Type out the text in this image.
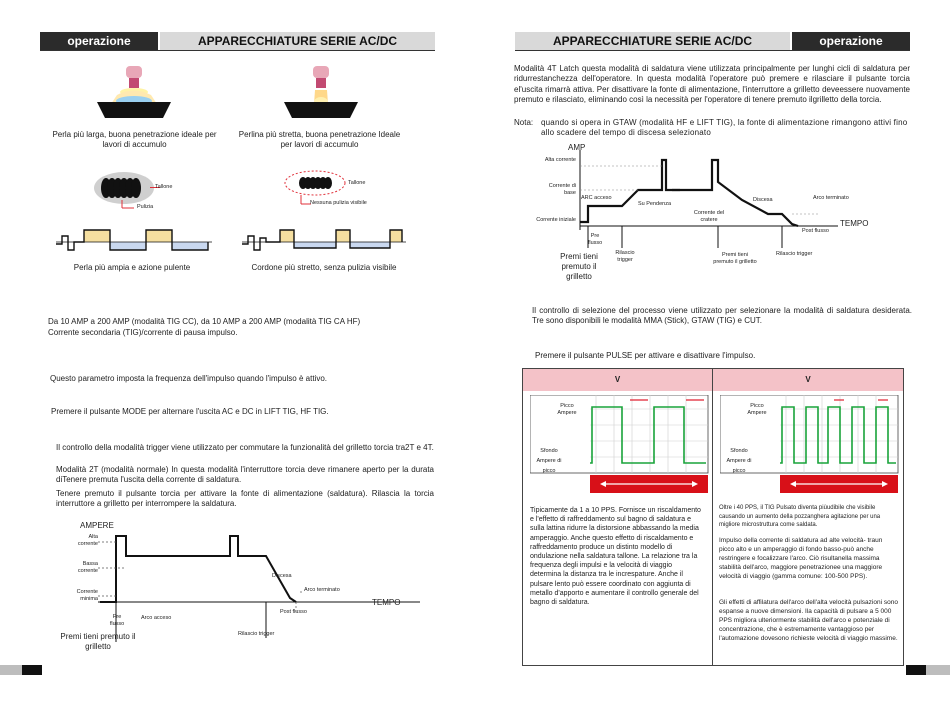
operazione	APPARECCHIATURE SERIE AC/DC
Perla più larga, buona penetrazione ideale per lavori di accumulo
Perlina più stretta, buona penetrazione Ideale per lavori di accumulo
Tallone
Pulizia
Tallone
Nessuna pulizia visibile
Perla più ampia e azione pulente	Cordone più stretto, senza pulizia visibile
Da 10 AMP a 200 AMP (modalità TIG CC), da 10 AMP a 200 AMP (modalità TIG CA HF)
Corrente secondaria (TIG)/corrente di pausa impulso.
Questo parametro imposta la frequenza dell'impulso quando l'impulso è attivo.
Premere il pulsante MODE per alternare l'uscita AC e DC in LIFT TIG, HF TIG.
Il controllo della modalità trigger viene utilizzato per commutare la funzionalità del grilletto torcia tra2T e 4T.
Modalità 2T (modalità normale) In questa modalità l'interruttore torcia deve rimanere aperto per la durata diTenere premuta l'uscita della corrente di saldatura.
Tenere premuto il pulsante torcia per attivare la fonte di alimentazione (saldatura). Rilascia la torcia interruttore a grilletto per interrompere la saldatura.
AMPERE
TEMPO
Alta corrente
Bassa corrente
Corrente minima
Pre flusso
Arco acceso
Discesa
Arco terminato
Post flusso
Rilascio trigger
Premi tieni premuto il grilletto
APPARECCHIATURE SERIE AC/DC	operazione
Modalità 4T Latch questa modalità di saldatura viene utilizzata principalmente per lunghi cicli di saldatura per ridurrestanchezza dell'operatore. In questa modalità l'operatore può premere e rilasciare il pulsante torcia el'uscita rimarrà attiva. Per disattivare la fonte di alimentazione, l'interruttore a grilletto deveessere nuovamente premuto e rilasciato, eliminando così la necessità per l'operatore di tenere premuto ilgrilletto della torcia.
Nota: quando si opera in GTAW (modalità HF e LIFT TIG), la fonte di alimentazione rimangono attivi fino allo scadere del tempo di discesa selezionato
AMP
TEMPO
Alta corrente
Corrente di base
Corrente iniziale
ARC acceso
Su Pendenza
Corrente del cratere
Discesa	Arco terminato
Post flusso
Pre flusso
Rilascio trigger
Premi tieni premuto il grilletto
Premi tieni premuto il grilletto
Rilascio trigger
Il controllo di selezione del processo viene utilizzato per selezionare la modalità di saldatura desiderata. Tre sono disponibili le modalità MMA (Stick), GTAW (TIG) e CUT.
Premere il pulsante PULSE per attivare e disattivare l'impulso.
V	V
Picco Ampere
Sfondo Ampere di picco
Picco Ampere
Sfondo Ampere di picco
Tipicamente da 1 a 10 PPS. Fornisce un riscaldamento e l'effetto di raffreddamento sul bagno di saldatura e sulla lattina ridurre la distorsione abbassando la media amperaggio. Anche questo effetto di riscaldamento e raffreddamento produce un distinto modello di ondulazione nella saldatura tallone. La relazione tra la frequenza degli impulsi e la velocità di viaggio determina la distanza tra le increspature. Anche il pulsare lento può essere coordinato con aggiunta di metallo d'apporto e aumentare il controllo generale del bagno di saldatura.
Oltre i 40 PPS, il TIG Pulsato diventa piùudibile che visibile causando un aumento della pozzanghera agitazione per una migliore microstruttura come saldata.
Impulso della corrente di saldatura ad alte velocità- traun picco alto e un amperaggio di fondo basso-può anche restringere e focalizzare l'arco. Ciò risultanella massima stabilità dell'arco, maggiore penetrazionee una maggiore velocità di viaggio (gamma comune: 100-500 PPS).
Gli effetti di affilatura dell'arco dell'alta velocità pulsazioni sono espanse a nuove dimensioni. Ila capacità di pulsare a 5 000 PPS migliora ulteriormente stabilità dell'arco e potenziale di concentrazione, che è estremamente vantaggioso per l'automazione dovesono richieste velocità di viaggio massime.
